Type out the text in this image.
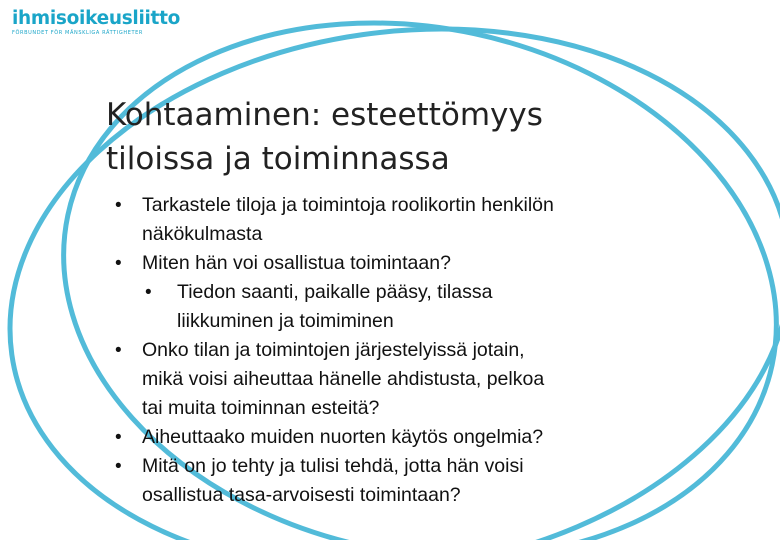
ihmisoikeusliitto
FÖRBUNDET FÖR MÄNSKLIGA RÄTTIGHETER
Kohtaaminen: esteettömyys
tiloissa ja toiminnassa
• Tarkastele tiloja ja toimintoja roolikortin henkilön
näkökulmasta
• Miten hän voi osallistua toimintaan?
• Tiedon saanti, paikalle pääsy, tilassa
liikkuminen ja toimiminen
• Onko tilan ja toimintojen järjestelyissä jotain,
mikä voisi aiheuttaa hänelle ahdistusta, pelkoa
tai muita toiminnan esteitä?
• Aiheuttaako muiden nuorten käytös ongelmia?
• Mitä on jo tehty ja tulisi tehdä, jotta hän voisi
osallistua tasa-arvoisesti toimintaan?
